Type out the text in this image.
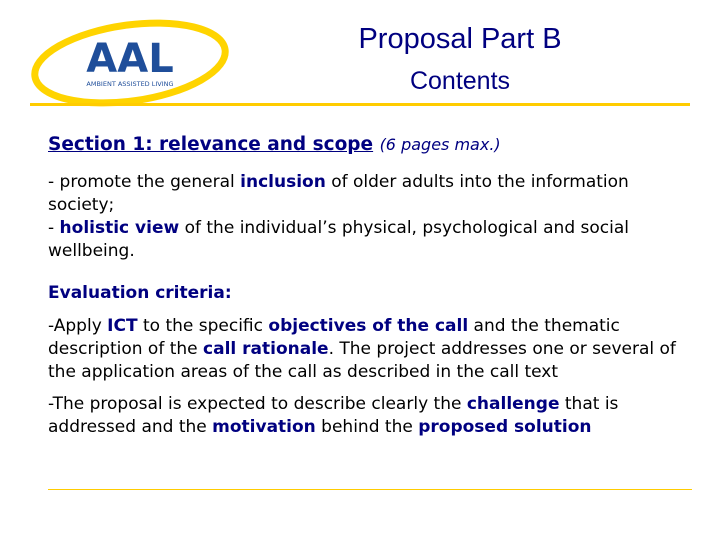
AAL
AMBIENT ASSISTED LIVING
Proposal Part B
Contents

Section 1: relevance and scope (6 pages max.)

- promote the general inclusion of older adults into the information society;

- holistic view of the individual’s physical, psychological and social wellbeing.

Evaluation criteria:

-Apply ICT to the specific objectives of the call and the thematic description of the call rationale. The project addresses one or several of the application areas of the call as described in the call text

-The proposal is expected to describe clearly the challenge that is addressed and the motivation behind the proposed solution
